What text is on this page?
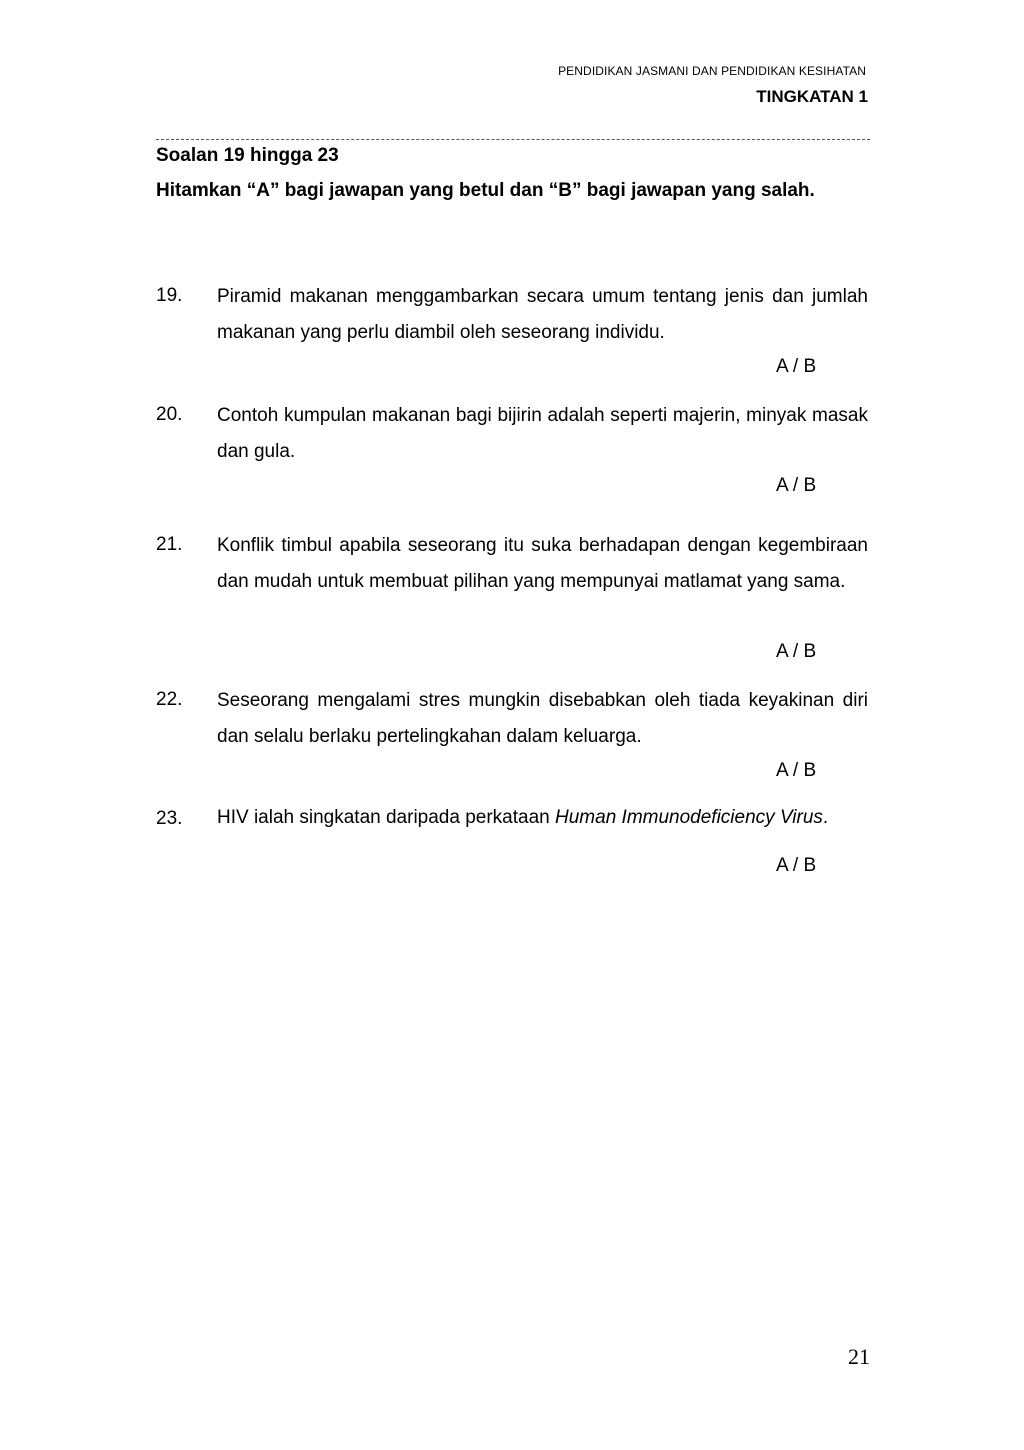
PENDIDIKAN JASMANI DAN PENDIDIKAN KESIHATAN
TINGKATAN 1
Soalan 19 hingga 23
Hitamkan “A” bagi jawapan yang betul dan “B” bagi jawapan yang salah.
19. Piramid makanan menggambarkan secara umum tentang jenis dan jumlah makanan yang perlu diambil oleh seseorang individu.
A / B
20. Contoh kumpulan makanan bagi bijirin adalah seperti majerin, minyak masak dan gula.
A / B
21. Konflik timbul apabila seseorang itu suka berhadapan dengan kegembiraan dan mudah untuk membuat pilihan yang mempunyai matlamat yang sama.
A / B
22. Seseorang mengalami stres mungkin disebabkan oleh tiada keyakinan diri dan selalu berlaku pertelingkahan dalam keluarga.
A / B
23. HIV ialah singkatan daripada perkataan Human Immunodeficiency Virus.
A / B
21
